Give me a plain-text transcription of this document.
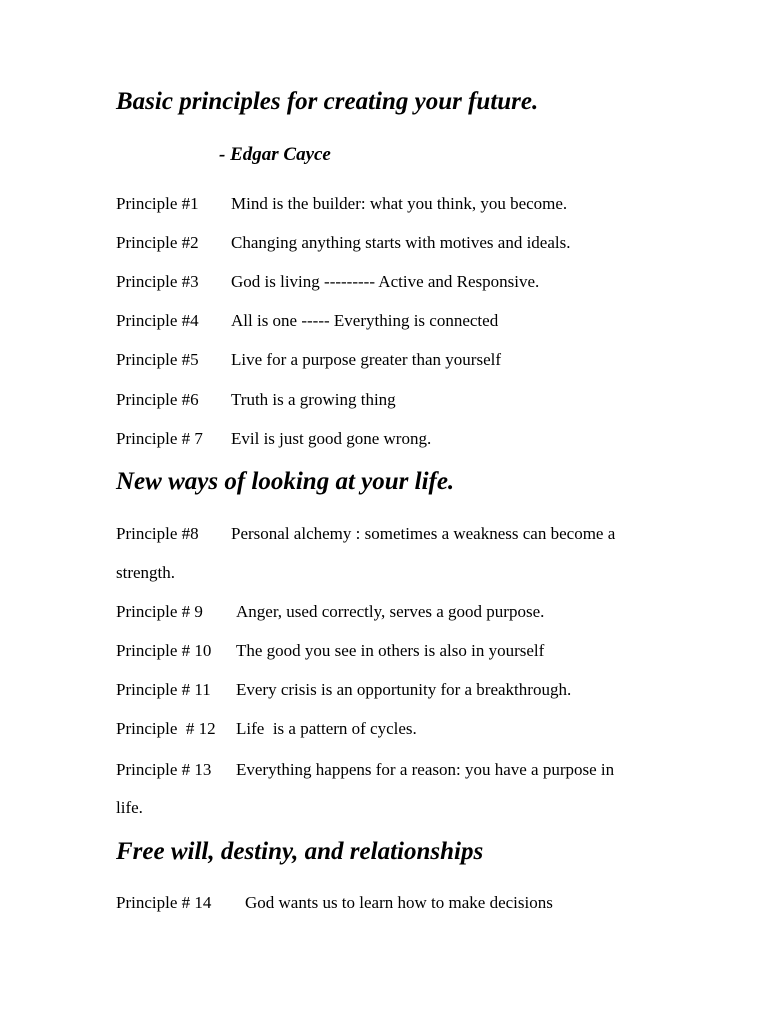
Basic principles for creating your future.
- Edgar Cayce
Principle #1 Mind is the builder: what you think, you become.
Principle #2 Changing anything starts with motives and ideals.
Principle #3 God is living --------- Active and Responsive.
Principle #4 All is one ----- Everything is connected
Principle #5 Live for a purpose greater than yourself
Principle #6 Truth is a growing thing
Principle # 7 Evil is just good gone wrong.
New ways of looking at your life.
Principle #8 Personal alchemy : sometimes a weakness can become a
strength.
Principle # 9 Anger, used correctly, serves a good purpose.
Principle # 10 The good you see in others is also in yourself
Principle # 11 Every crisis is an opportunity for a breakthrough.
Principle  # 12 Life  is a pattern of cycles.
Principle # 13 Everything happens for a reason: you have a purpose in
life.
Free will, destiny, and relationships
Principle # 14 God wants us to learn how to make decisions
